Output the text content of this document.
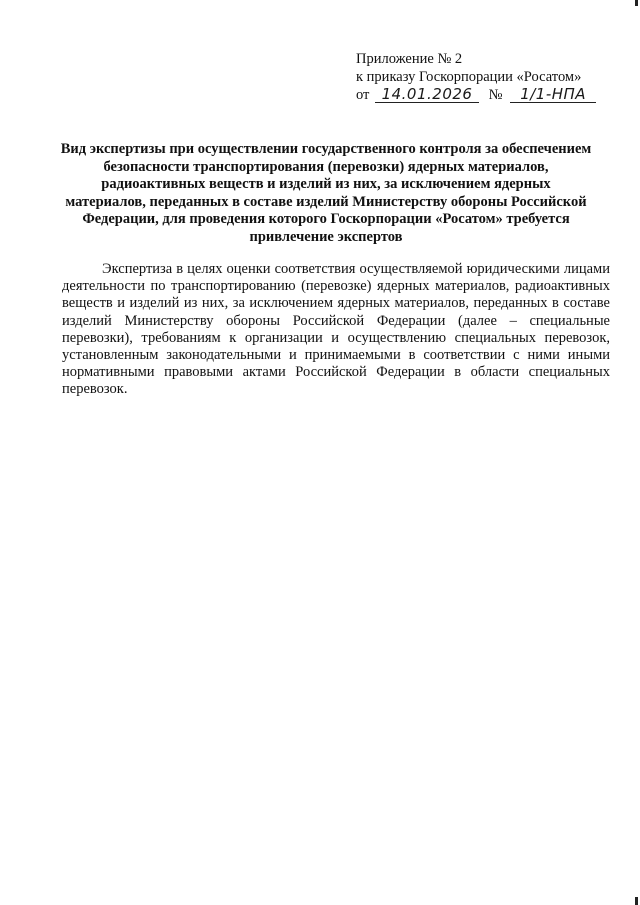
Приложение № 2
к приказу Госкорпорации «Росатом»
от 14.01.2026 № 1/1-НПА
Вид экспертизы при осуществлении государственного контроля за обеспечением безопасности транспортирования (перевозки) ядерных материалов, радиоактивных веществ и изделий из них, за исключением ядерных материалов, переданных в составе изделий Министерству обороны Российской Федерации, для проведения которого Госкорпорации «Росатом» требуется привлечение экспертов
Экспертиза в целях оценки соответствия осуществляемой юридическими лицами деятельности по транспортированию (перевозке) ядерных материалов, радиоактивных веществ и изделий из них, за исключением ядерных материалов, переданных в составе изделий Министерству обороны Российской Федерации (далее – специальные перевозки), требованиям к организации и осуществлению специальных перевозок, установленным законодательными и принимаемыми в соответствии с ними иными нормативными правовыми актами Российской Федерации в области специальных перевозок.
